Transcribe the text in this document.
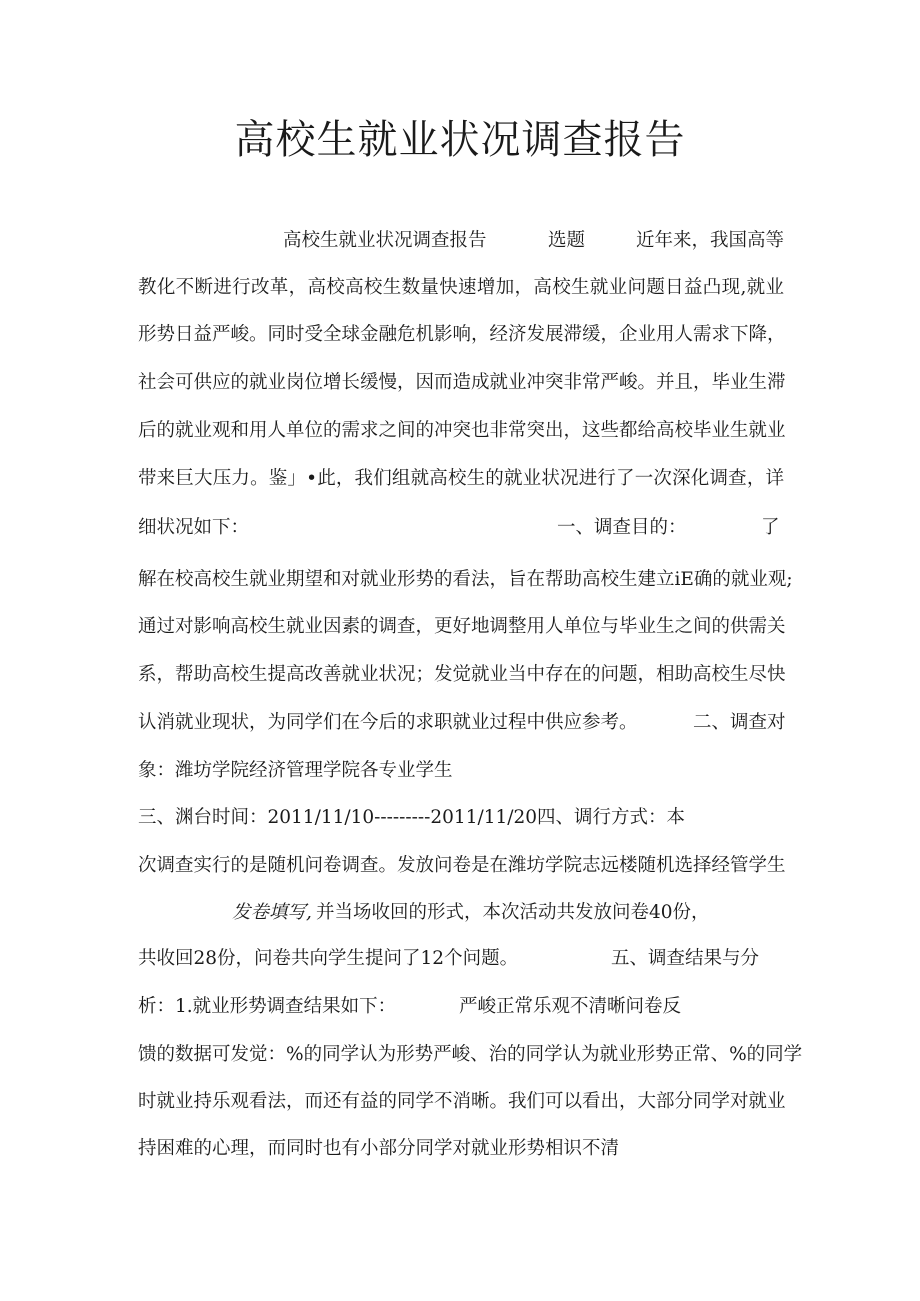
高校生就业状况调查报告

高校生就业状况调查报告	选题	近年来，我国高等

教化不断进行改革，高校高校生数量快速增加，高校生就业问题日益凸现,就业

形势日益严峻。同时受全球金融危机影响，经济发展滞缓，企业用人需求下降，

社会可供应的就业岗位增长缓慢，因而造成就业冲突非常严峻。并且，毕业生滞

后的就业观和用人单位的需求之间的冲突也非常突出，这些都给高校毕业生就业

带来巨大压力。鉴」•此，我们组就高校生的就业状况进行了一次深化调查，详

细状况如下：	一、调查目的：	了

解在校高校生就业期望和对就业形势的看法，旨在帮助高校生建立iE确的就业观;

通过对影响高校生就业因素的调查，更好地调整用人单位与毕业生之间的供需关

系，帮助高校生提高改善就业状况；发觉就业当中存在的问题，相助高校生尽快

认消就业现状，为同学们在今后的求职就业过程中供应参考。	二、调查对

象：潍坊学院经济管理学院各专业学生

三、渊台时间：2011/11/10---------2011/11/20四、调行方式：本

次调查实行的是随机问卷调查。发放问卷是在潍坊学院志远楼随机选择经管学生

发卷填写, 并当场收回的形式，本次活动共发放问卷40份，

共收回28份，问卷共向学生提问了12个问题。	五、调查结果与分

析：1.就业形势调查结果如下：	严峻正常乐观不清晰问卷反

馈的数据可发觉：%的同学认为形势严峻、治的同学认为就业形势正常、%的同学

时就业持乐观看法，而还有益的同学不消晰。我们可以看出，大部分同学对就业

持困难的心理，而同时也有小部分同学对就业形势相识不清
